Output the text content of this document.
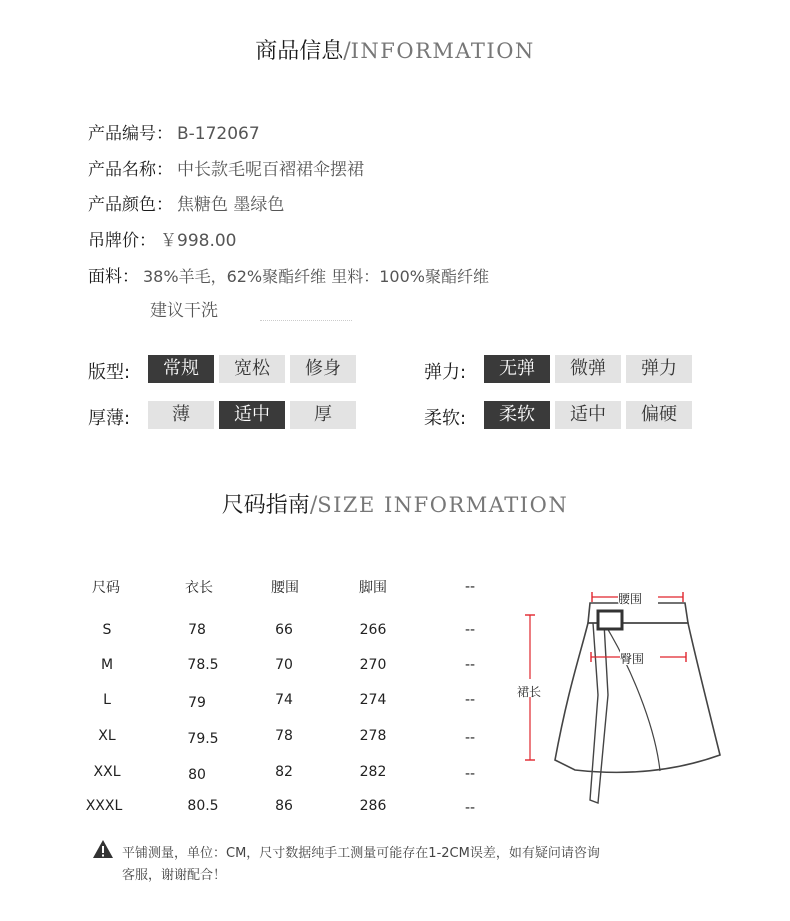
商品信息/INFORMATION
产品编号： B-172067
产品名称： 中长款毛呢百褶裙伞摆裙
产品颜色： 焦糖色 墨绿色
吊牌价： ￥998.00
面料： 38%羊毛，62%聚酯纤维 里料：100%聚酯纤维
建议干洗
版型:	常规	宽松	修身	弹力:	无弹	微弹	弹力
厚薄:	薄	适中	厚	柔软:	柔软	适中	偏硬
尺码指南/SIZE INFORMATION
尺码	衣长	腰围	脚围	--
S	78	66	266	--
M	78.5	70	270	--
L	79	74	274	--
XL	79.5	78	278	--
XXL	80	82	282	--
XXXL	80.5	86	286	--
腰围
臀围
裙长
平铺测量，单位：CM，尺寸数据纯手工测量可能存在1-2CM误差，如有疑问请咨询
客服，谢谢配合！
